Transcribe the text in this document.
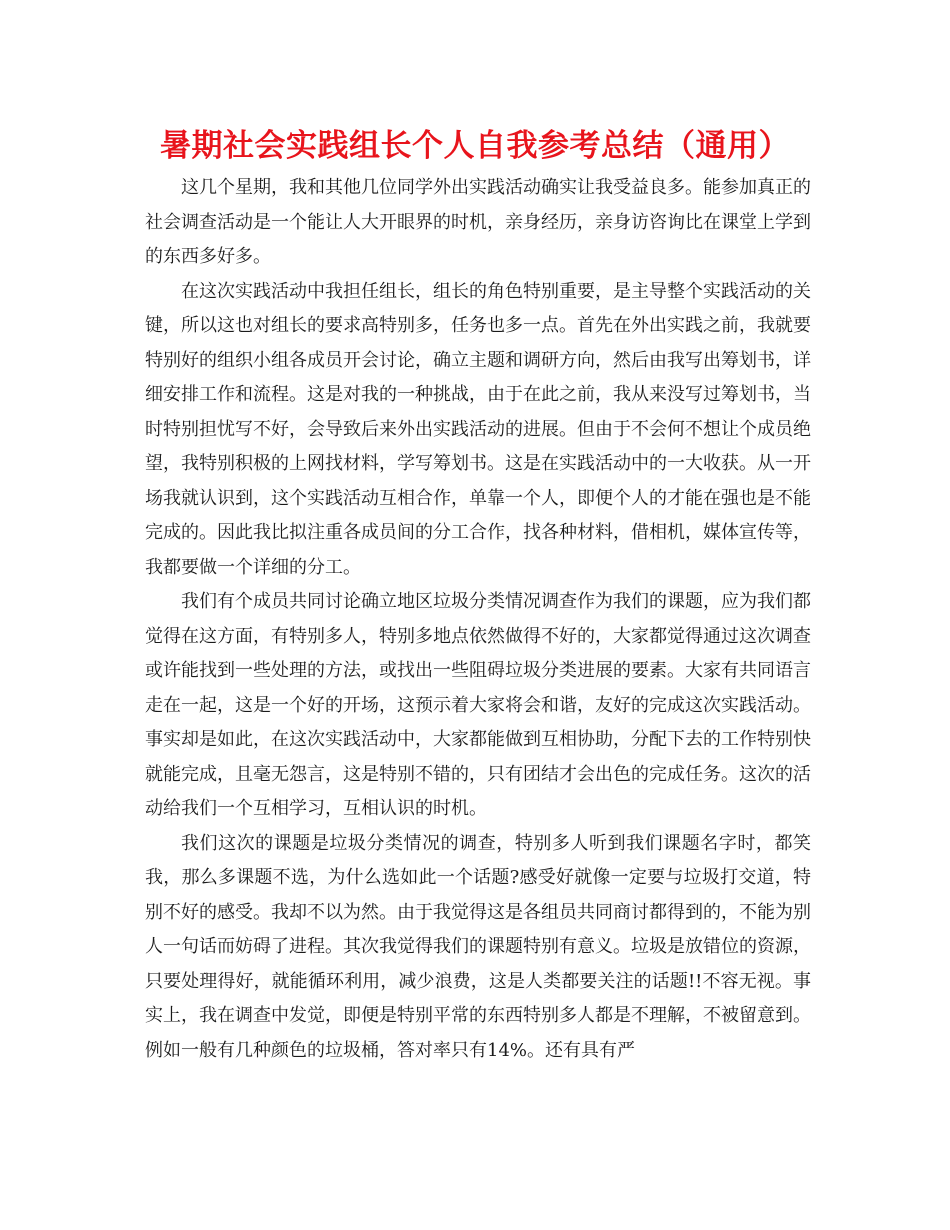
暑期社会实践组长个人自我参考总结（通用）

这几个星期，我和其他几位同学外出实践活动确实让我受益良多。能参加真正的社会调查活动是一个能让人大开眼界的时机，亲身经历，亲身访咨询比在课堂上学到的东西多好多。

在这次实践活动中我担任组长，组长的角色特别重要，是主导整个实践活动的关键，所以这也对组长的要求高特别多，任务也多一点。首先在外出实践之前，我就要特别好的组织小组各成员开会讨论，确立主题和调研方向，然后由我写出筹划书，详细安排工作和流程。这是对我的一种挑战，由于在此之前，我从来没写过筹划书，当时特别担忧写不好，会导致后来外出实践活动的进展。但由于不会何不想让个成员绝望，我特别积极的上网找材料，学写筹划书。这是在实践活动中的一大收获。从一开场我就认识到，这个实践活动互相合作，单靠一个人，即便个人的才能在强也是不能完成的。因此我比拟注重各成员间的分工合作，找各种材料，借相机，媒体宣传等，我都要做一个详细的分工。

我们有个成员共同讨论确立地区垃圾分类情况调查作为我们的课题，应为我们都觉得在这方面，有特别多人，特别多地点依然做得不好的，大家都觉得通过这次调查或许能找到一些处理的方法，或找出一些阻碍垃圾分类进展的要素。大家有共同语言走在一起，这是一个好的开场，这预示着大家将会和谐，友好的完成这次实践活动。事实却是如此，在这次实践活动中，大家都能做到互相协助，分配下去的工作特别快就能完成，且毫无怨言，这是特别不错的，只有团结才会出色的完成任务。这次的活动给我们一个互相学习，互相认识的时机。

我们这次的课题是垃圾分类情况的调查，特别多人听到我们课题名字时，都笑我，那么多课题不选，为什么选如此一个话题?感受好就像一定要与垃圾打交道，特别不好的感受。我却不以为然。由于我觉得这是各组员共同商讨都得到的，不能为别人一句话而妨碍了进程。其次我觉得我们的课题特别有意义。垃圾是放错位的资源，只要处理得好，就能循环利用，减少浪费，这是人类都要关注的话题!!不容无视。事实上，我在调查中发觉，即便是特别平常的东西特别多人都是不理解，不被留意到。例如一般有几种颜色的垃圾桶，答对率只有14%。还有具有严
